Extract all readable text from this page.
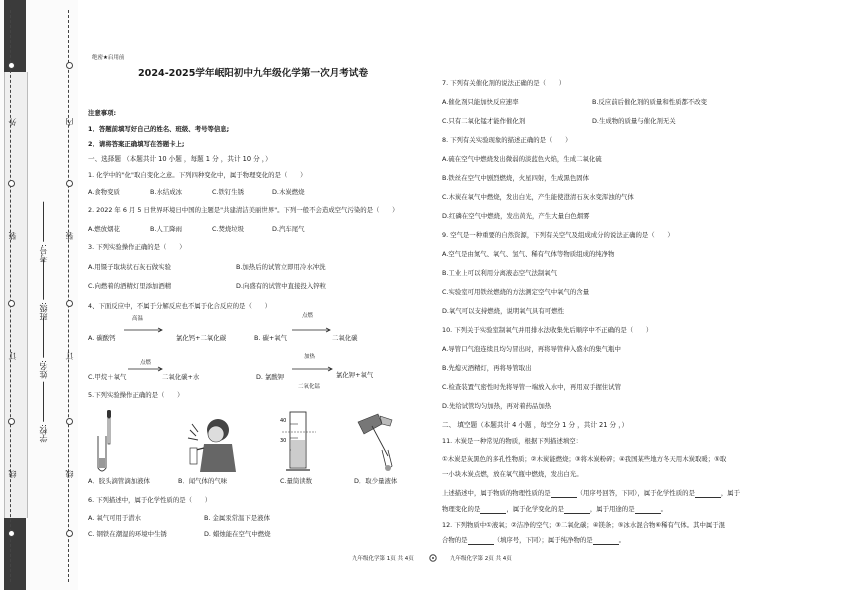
外
装
订
线
内
装
订
线
学校:
姓名:
班级:
考号:
绝密★启用前
2024-2025学年岷阳初中九年级化学第一次月考试卷
注意事项:
1．答题前填写好自己的姓名、班级、考号等信息;
2．请将答案正确填写在答题卡上;
一、选择题 （本题共计 10 小题 ，每题 1 分 ，共计 10 分 ，）
1. 化学中的"化"取自变化之意。下列四种变化中，属于物理变化的是（　　）
A.食物变质	B.水结成冰	C.铁钉生锈	D.木炭燃烧
2. 2022 年 6 月 5 日世界环境日中国的主题是"共建清洁美丽世界"。下列一般不会造成空气污染的是（　　）
A.燃放烟花	B.人工降雨	C.焚烧垃圾	D.汽车尾气
3. 下列实验操作正确的是（　　）
A.用镊子取块状石灰石做实验	B.加热后的试管立即用冷水冲洗
C.向燃着的酒精灯里添加酒精	D.向盛有的试管中直接投入锌粒
4、下面反应中，不属于分解反应也不属于化合反应的是（　　）
高温	点燃
A. 碳酸钙	氯化钙+二氧化碳	B. 碳+氧气	二氧化碳
点燃
加热
C.甲烷＋氧气	二氧化碳+水	D. 氯酸钾	氯化钾+氧气
二氧化锰
5.下列实验操作正确的是（　　）
40
30
A．胶头滴管滴加液体	B．闻气体的气味	C.量筒读数	D．取少量液体
6. 下列描述中，属于化学性质的是（　　）
A. 氧气可用于潜水	B. 金属汞常温下是液体
C. 钢铁在潮湿的环境中生锈	D. 蜡烛能在空气中燃烧
九年级化学第 1页 共 4页
7. 下列有关催化剂的说法正确的是（　　）
A.催化剂只能加快反应速率	B.反应前后催化剂的质量和性质都不改变
C.只有二氧化锰才能作催化剂	D.生成物的质量与催化剂无关
8. 下列有关实验现象的描述正确的是（　　）
A.硫在空气中燃烧发出微弱的淡蓝色火焰，生成二氧化硫
B.铁丝在空气中剧烈燃烧，火星四射，生成黑色固体
C.木炭在氧气中燃烧，发出白光，产生能使澄清石灰水变浑浊的气体
D.红磷在空气中燃烧，发出黄光，产生大量白色烟雾
9. 空气是一种重要的自然资源，下列有关空气及组成成分的说法正确的是（　　）
A.空气是由氮气、氧气、氢气、稀有气体等物质组成的纯净物
B.工业上可以利用分离液态空气法制氧气
C.实验室可用铁丝燃烧的方法测定空气中氧气的含量
D.氧气可以支持燃烧，说明氧气具有可燃性
10. 下列关于实验室制氧气并用排水法收集先后顺序中不正确的是（　　）
A.导管口气泡连续且均匀冒出时，再将导管伸入盛水的集气瓶中
B.先熄灭酒精灯，再将导管取出
C.检查装置气密性时先将导管一端放入水中，再用双手握住试管
D.先给试管均匀加热，再对着药品加热
二、 填空题（本题共计 4 小题 ，每空分 1 分 ，共计 21 分 ，）
11. 木炭是一种常见的物质，根据下列描述填空：
①木炭是灰黑色的多孔性物质；②木炭能燃烧；③将木炭粉碎；④我国某些地方冬天用木炭取暖；⑤取
一小块木炭点燃，放在氧气瓶中燃烧，发出白光。
上述描述中，属于物质的物理性质的是	（用序号回答，下同），属于化学性质的是	，属于
物理变化的是	，属于化学变化的是	，属于用途的是	。
12. 下列物质中①液氧；②洁净的空气；③二氧化碳；④镁条；⑤冰水混合物⑥稀有气体。其中属于混
合物的是	（填序号，下同）；属于纯净物的是	。
九年级化学第 2页 共 4页
